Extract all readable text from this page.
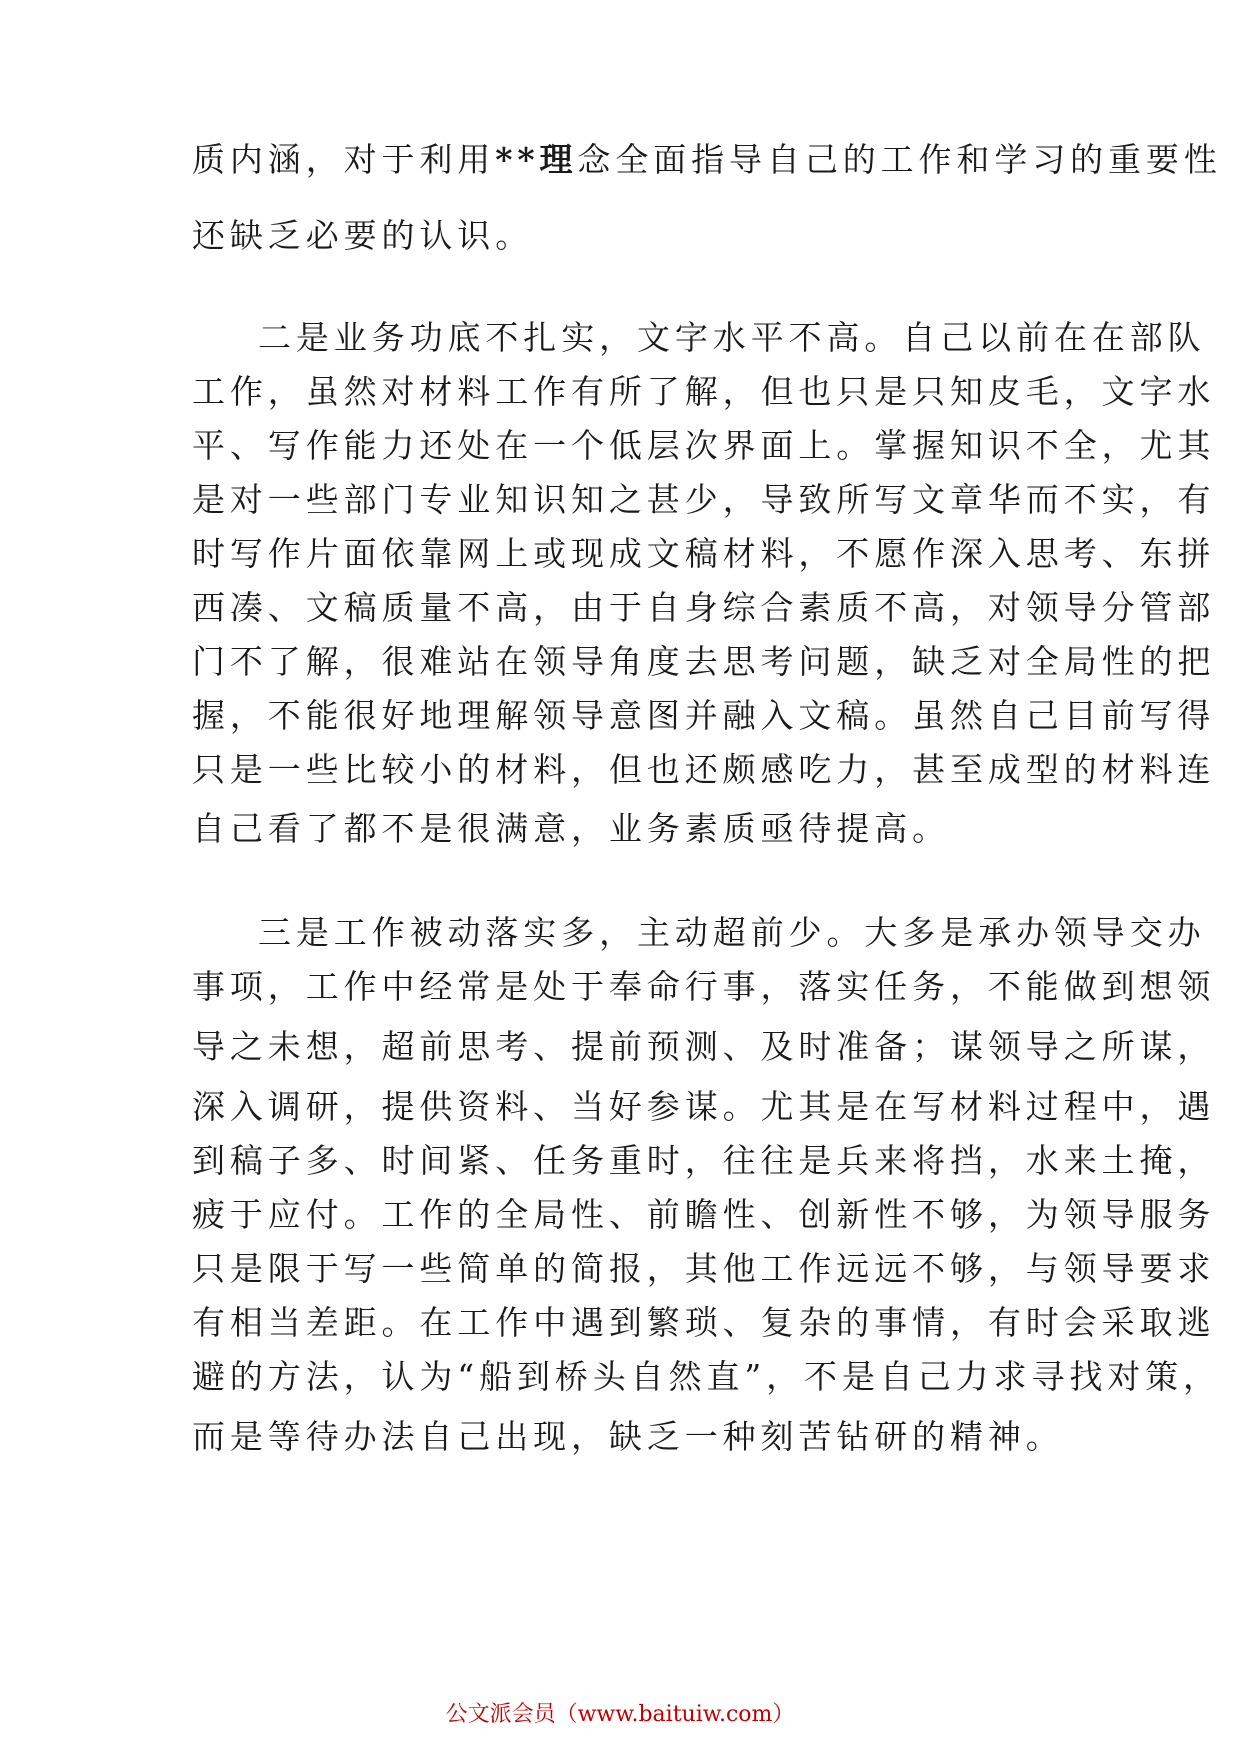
质内涵，对于利用**理念全面指导自己的工作和学习的重要性
还缺乏必要的认识。
二是业务功底不扎实，文字水平不高。自己以前在在部队
工作，虽然对材料工作有所了解，但也只是只知皮毛，文字水
平、写作能力还处在一个低层次界面上。掌握知识不全，尤其
是对一些部门专业知识知之甚少，导致所写文章华而不实，有
时写作片面依靠网上或现成文稿材料，不愿作深入思考、东拼
西凑、文稿质量不高，由于自身综合素质不高，对领导分管部
门不了解，很难站在领导角度去思考问题，缺乏对全局性的把
握，不能很好地理解领导意图并融入文稿。虽然自己目前写得
只是一些比较小的材料，但也还颇感吃力，甚至成型的材料连
自己看了都不是很满意，业务素质亟待提高。
三是工作被动落实多，主动超前少。大多是承办领导交办
事项，工作中经常是处于奉命行事，落实任务，不能做到想领
导之未想，超前思考、提前预测、及时准备；谋领导之所谋，
深入调研，提供资料、当好参谋。尤其是在写材料过程中，遇
到稿子多、时间紧、任务重时，往往是兵来将挡，水来土掩，
疲于应付。工作的全局性、前瞻性、创新性不够，为领导服务
只是限于写一些简单的简报，其他工作远远不够，与领导要求
有相当差距。在工作中遇到繁琐、复杂的事情，有时会采取逃
避的方法，认为“船到桥头自然直”，不是自己力求寻找对策，
而是等待办法自己出现，缺乏一种刻苦钻研的精神。
公文派会员（www.baituiw.com）
